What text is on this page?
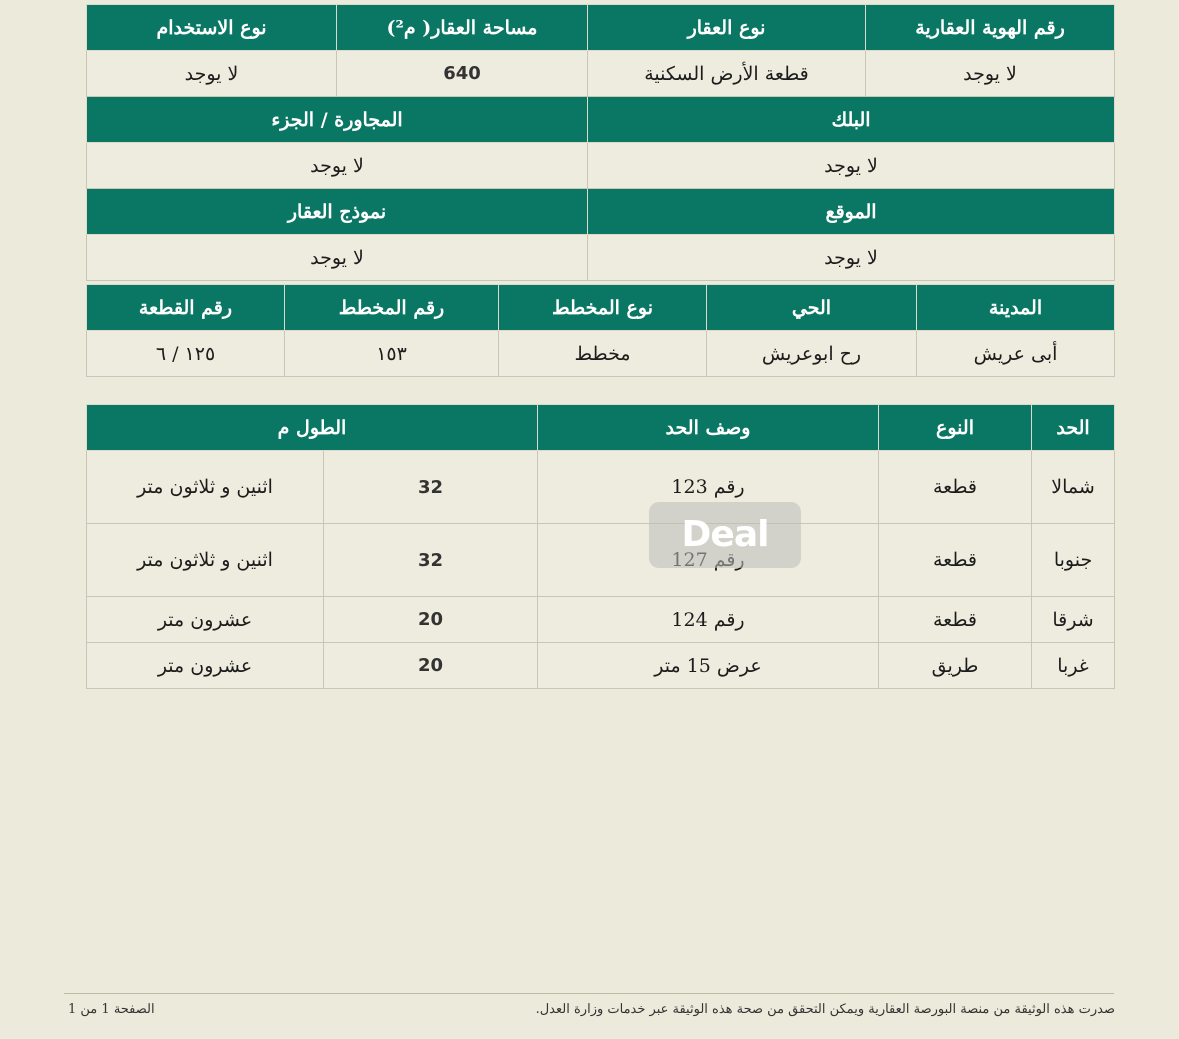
رقم الهوية العقارية	نوع العقار	مساحة العقار( م²)	نوع الاستخدام
لا يوجد	قطعة الأرض السكنية	640	لا يوجد
البلك		المجاورة / الجزء	
لا يوجد		لا يوجد	
الموقع		نموذج العقار	
لا يوجد		لا يوجد	
المدينة	الحي	نوع المخطط	رقم المخطط	رقم القطعة
أبى عريش	رح ابوعريش	مخطط	١٥٣	١٢٥ / ٦
الحد	النوع	وصف الحد	الطول م	
شمالا	قطعة	رقم 123	32	اثنين و ثلاثون متر
جنوبا	قطعة		32	اثنين و ثلاثون متر
شرقا	قطعة	رقم 124	20	عشرون متر
غربا	طريق	عرض 15 متر	20	عشرون متر
Deal
صدرت هذه الوثيقة من منصة البورصة العقارية ويمكن التحقق من صحة هذه الوثيقة عبر خدمات وزارة العدل.
الصفحة 1 من 1
